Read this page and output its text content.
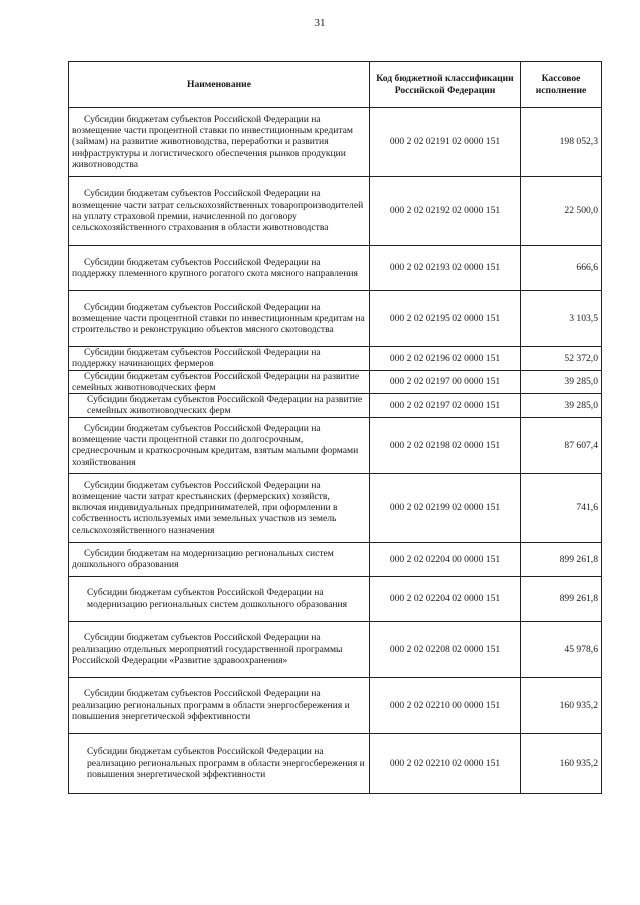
31
Наименование	Код бюджетной классификации Российской Федерации	Кассовое исполнение
Субсидии бюджетам субъектов Российской Федерации на возмещение части процентной ставки по инвестиционным кредитам (займам) на развитие животноводства, переработки и развития инфраструктуры и логистического обеспечения рынков продукции животноводства	000 2 02 02191 02 0000 151	198 052,3
Субсидии бюджетам субъектов Российской Федерации на возмещение части затрат сельскохозяйственных товаропроизводителей на уплату страховой премии, начисленной по договору сельскохозяйственного страхования в области животноводства	000 2 02 02192 02 0000 151	22 500,0
Субсидии бюджетам субъектов Российской Федерации на поддержку племенного крупного рогатого скота мясного направления	000 2 02 02193 02 0000 151	666,6
Субсидии бюджетам субъектов Российской Федерации на возмещение части процентной ставки по инвестиционным кредитам на строительство и реконструкцию объектов мясного скотоводства	000 2 02 02195 02 0000 151	3 103,5
Субсидии бюджетам субъектов Российской Федерации на поддержку начинающих фермеров	000 2 02 02196 02 0000 151	52 372,0
Субсидии бюджетам субъектов Российской Федерации на развитие семейных животноводческих ферм	000 2 02 02197 00 0000 151	39 285,0
Субсидии бюджетам субъектов Российской Федерации на развитие семейных животноводческих ферм	000 2 02 02197 02 0000 151	39 285,0
Субсидии бюджетам субъектов Российской Федерации на возмещение части процентной ставки по долгосрочным, среднесрочным и краткосрочным кредитам, взятым малыми формами хозяйствования	000 2 02 02198 02 0000 151	87 607,4
Субсидии бюджетам субъектов Российской Федерации на возмещение части затрат крестьянских (фермерских) хозяйств, включая индивидуальных предпринимателей, при оформлении в собственность используемых ими земельных участков из земель сельскохозяйственного назначения	000 2 02 02199 02 0000 151	741,6
Субсидии бюджетам на модернизацию региональных систем дошкольного образования	000 2 02 02204 00 0000 151	899 261,8
Субсидии бюджетам субъектов Российской Федерации на модернизацию региональных систем дошкольного образования	000 2 02 02204 02 0000 151	899 261,8
Субсидии бюджетам субъектов Российской Федерации на реализацию отдельных мероприятий государственной программы Российской Федерации «Развитие здравоохранения»	000 2 02 02208 02 0000 151	45 978,6
Субсидии бюджетам субъектов Российской Федерации на реализацию региональных программ в области энергосбережения и повышения энергетической эффективности	000 2 02 02210 00 0000 151	160 935,2
Субсидии бюджетам субъектов Российской Федерации на реализацию региональных программ в области энергосбережения и повышения энергетической эффективности	000 2 02 02210 02 0000 151	160 935,2
